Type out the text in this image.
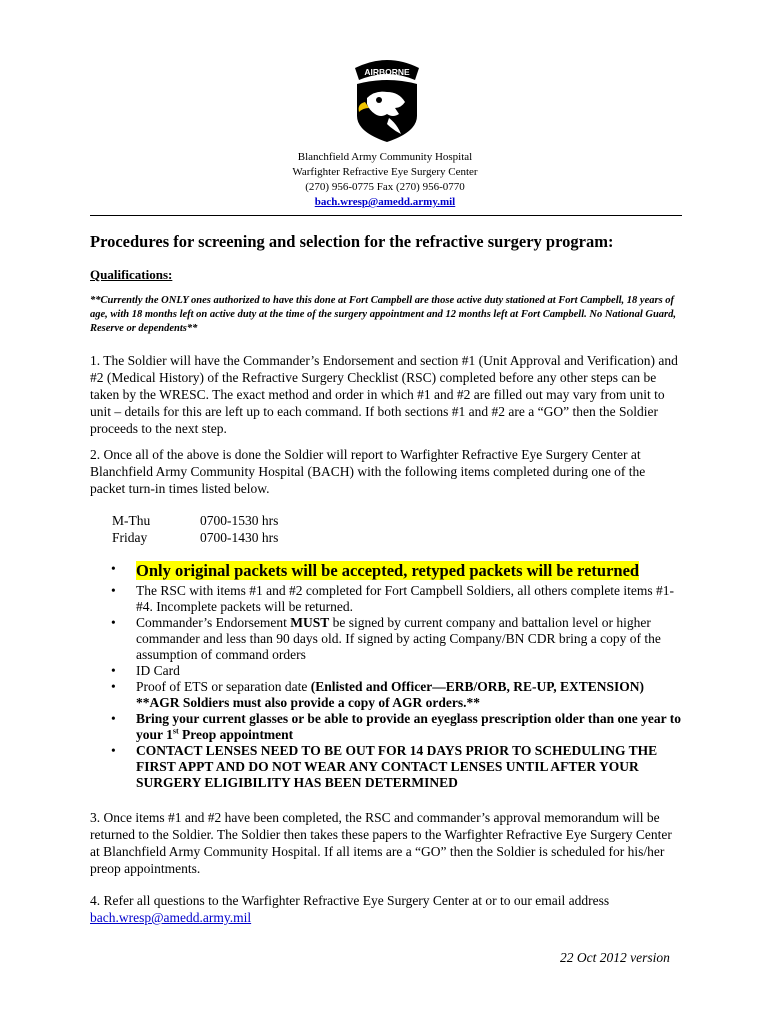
AIRBORNE
Blanchfield Army Community Hospital
Warfighter Refractive Eye Surgery Center
(270) 956-0775 Fax (270) 956-0770
bach.wresp@amedd.army.mil
Procedures for screening and selection for the refractive surgery program:
Qualifications:
**Currently the ONLY ones authorized to have this done at Fort Campbell are those active duty stationed at Fort Campbell, 18 years of age, with 18 months left on active duty at the time of the surgery appointment and 12 months left at Fort Campbell. No National Guard, Reserve or dependents**
1. The Soldier will have the Commander’s Endorsement and section #1 (Unit Approval and Verification) and #2 (Medical History) of the Refractive Surgery Checklist (RSC) completed before any other steps can be taken by the WRESC. The exact method and order in which #1 and #2 are filled out may vary from unit to unit – details for this are left up to each command. If both sections #1 and #2 are a “GO” then the Soldier proceeds to the next step.
2. Once all of the above is done the Soldier will report to Warfighter Refractive Eye Surgery Center at Blanchfield Army Community Hospital (BACH) with the following items completed during one of the packet turn-in times listed below.
M-Thu	0700-1530 hrs
Friday	0700-1430 hrs
•	Only original packets will be accepted, retyped packets will be returned
•	The RSC with items #1 and #2 completed for Fort Campbell Soldiers, all others complete items #1-#4. Incomplete packets will be returned.
•	Commander’s Endorsement MUST be signed by current company and battalion level or higher commander and less than 90 days old. If signed by acting Company/BN CDR bring a copy of the assumption of command orders
•	ID Card
•	Proof of ETS or separation date (Enlisted and Officer—ERB/ORB, RE-UP, EXTENSION) **AGR Soldiers must also provide a copy of AGR orders.**
•	Bring your current glasses or be able to provide an eyeglass prescription older than one year to your 1st Preop appointment
•	CONTACT LENSES NEED TO BE OUT FOR 14 DAYS PRIOR TO SCHEDULING THE FIRST APPT AND DO NOT WEAR ANY CONTACT LENSES UNTIL AFTER YOUR SURGERY ELIGIBILITY HAS BEEN DETERMINED
3. Once items #1 and #2 have been completed, the RSC and commander’s approval memorandum will be returned to the Soldier. The Soldier then takes these papers to the Warfighter Refractive Eye Surgery Center at Blanchfield Army Community Hospital. If all items are a “GO” then the Soldier is scheduled for his/her preop appointments.
4. Refer all questions to the Warfighter Refractive Eye Surgery Center at or to our email address
bach.wresp@amedd.army.mil
22 Oct 2012 version
